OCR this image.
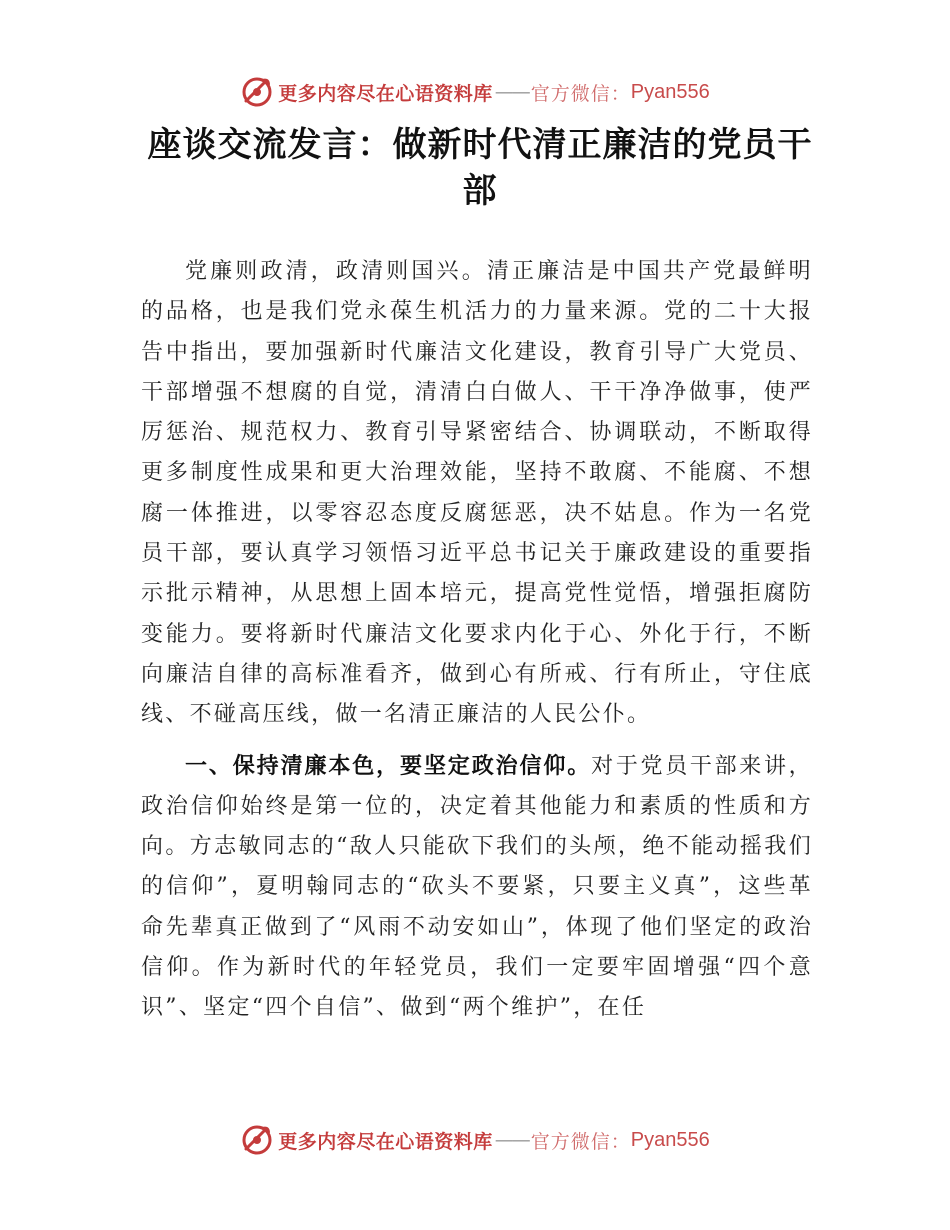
更多内容尽在心语资料库 —— 官方微信： Pyan556
座谈交流发言：做新时代清正廉洁的党员干部

党廉则政清，政清则国兴。清正廉洁是中国共产党最鲜明的品格，也是我们党永葆生机活力的力量来源。党的二十大报告中指出，要加强新时代廉洁文化建设，教育引导广大党员、干部增强不想腐的自觉，清清白白做人、干干净净做事，使严厉惩治、规范权力、教育引导紧密结合、协调联动，不断取得更多制度性成果和更大治理效能，坚持不敢腐、不能腐、不想腐一体推进，以零容忍态度反腐惩恶，决不姑息。作为一名党员干部，要认真学习领悟习近平总书记关于廉政建设的重要指示批示精神，从思想上固本培元，提高党性觉悟，增强拒腐防变能力。要将新时代廉洁文化要求内化于心、外化于行，不断向廉洁自律的高标准看齐，做到心有所戒、行有所止，守住底线、不碰高压线，做一名清正廉洁的人民公仆。

一、保持清廉本色，要坚定政治信仰。对于党员干部来讲，政治信仰始终是第一位的，决定着其他能力和素质的性质和方向。方志敏同志的“敌人只能砍下我们的头颅，绝不能动摇我们的信仰”，夏明翰同志的“砍头不要紧，只要主义真”，这些革命先辈真正做到了“风雨不动安如山”，体现了他们坚定的政治信仰。作为新时代的年轻党员，我们一定要牢固增强“四个意识”、坚定“四个自信”、做到“两个维护”，在任

更多内容尽在心语资料库 —— 官方微信： Pyan556
